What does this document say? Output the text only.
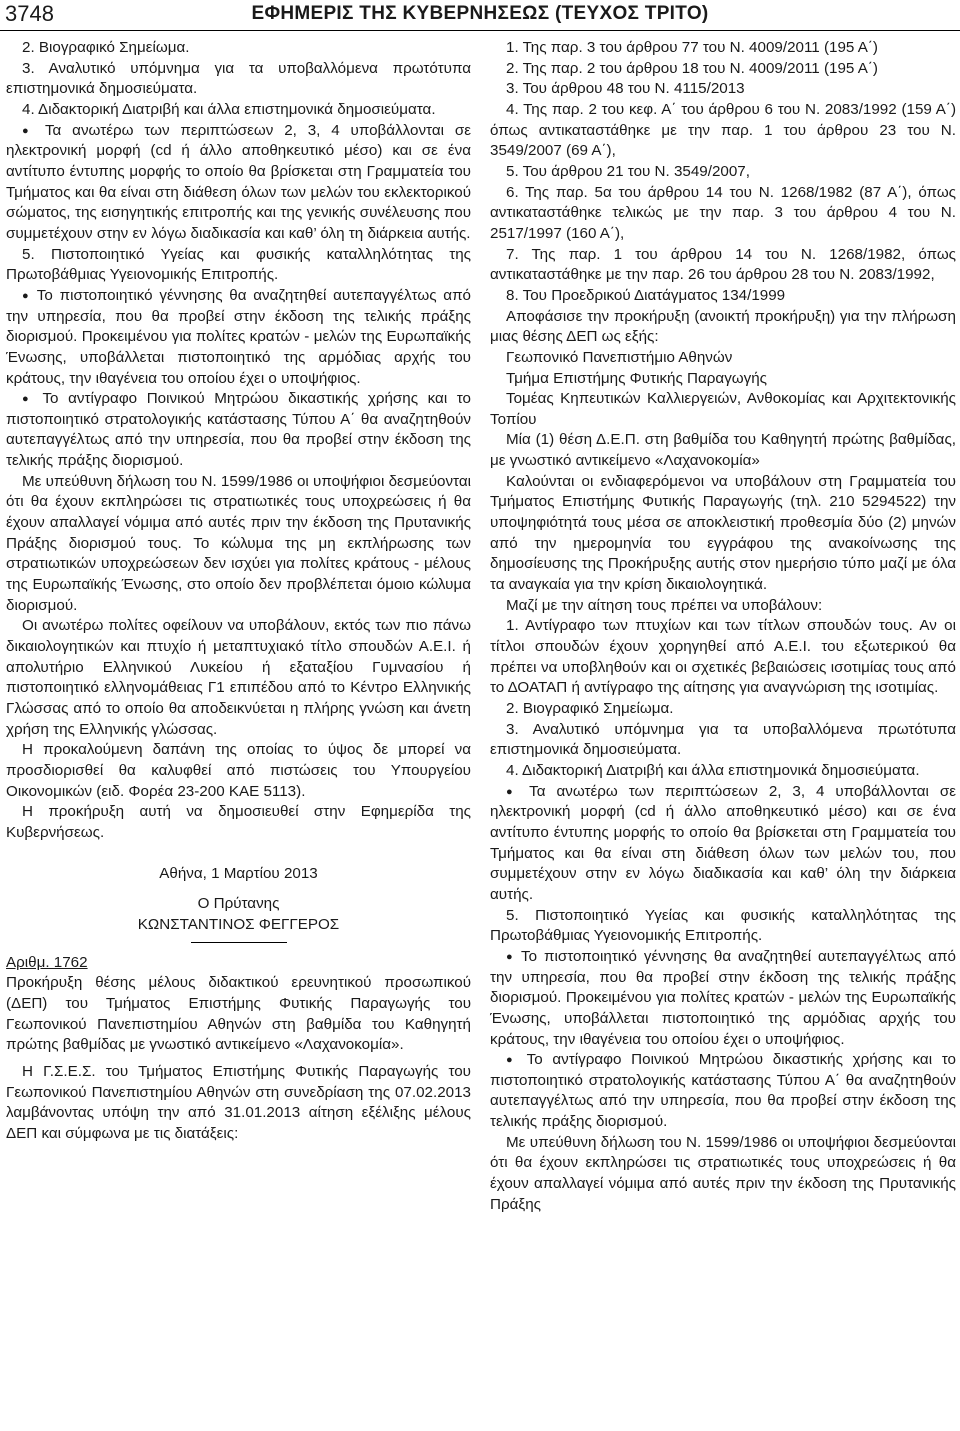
3748	ΕΦΗΜΕΡΙΣ ΤΗΣ ΚΥΒΕΡΝΗΣΕΩΣ (ΤΕΥΧΟΣ ΤΡΙΤΟ)

2. Βιογραφικό Σημείωμα.

3. Αναλυτικό υπόμνημα για τα υποβαλλόμενα πρωτότυπα επιστημονικά δημοσιεύματα.

4. Διδακτορική Διατριβή και άλλα επιστημονικά δημοσιεύματα.

● Τα ανωτέρω των περιπτώσεων 2, 3, 4 υποβάλλονται σε ηλεκτρονική μορφή (cd ή άλλο αποθηκευτικό μέσο) και σε ένα αντίτυπο έντυπης μορφής το οποίο θα βρίσκεται στη Γραμματεία του Τμήματος και θα είναι στη διάθεση όλων των μελών του εκλεκτορικού σώματος, της εισηγητικής επιτροπής και της γενικής συνέλευσης που συμμετέχουν στην εν λόγω διαδικασία και καθ’ όλη τη διάρκεια αυτής.

5. Πιστοποιητικό Υγείας και φυσικής καταλληλότητας της Πρωτοβάθμιας Υγειονομικής Επιτροπής.

● Το πιστοποιητικό γέννησης θα αναζητηθεί αυτεπαγγέλτως από την υπηρεσία, που θα προβεί στην έκδοση της τελικής πράξης διορισμού. Προκειμένου για πολίτες κρατών - μελών της Ευρωπαϊκής Ένωσης, υποβάλλεται πιστοποιητικό της αρμόδιας αρχής του κράτους, την ιθαγένεια του οποίου έχει ο υποψήφιος.

● Το αντίγραφο Ποινικού Μητρώου δικαστικής χρήσης και το πιστοποιητικό στρατολογικής κατάστασης Τύπου Α΄ θα αναζητηθούν αυτεπαγγέλτως από την υπηρεσία, που θα προβεί στην έκδοση της τελικής πράξης διορισμού.

Με υπεύθυνη δήλωση του Ν. 1599/1986 οι υποψήφιοι δεσμεύονται ότι θα έχουν εκπληρώσει τις στρατιωτικές τους υποχρεώσεις ή θα έχουν απαλλαγεί νόμιμα από αυτές πριν την έκδοση της Πρυτανικής Πράξης διορισμού τους. Το κώλυμα της μη εκπλήρωσης των στρατιωτικών υποχρεώσεων δεν ισχύει για πολίτες κράτους - μέλους της Ευρωπαϊκής Ένωσης, στο οποίο δεν προβλέπεται όμοιο κώλυμα διορισμού.

Οι ανωτέρω πολίτες οφείλουν να υποβάλουν, εκτός των πιο πάνω δικαιολογητικών και πτυχίο ή μεταπτυχιακό τίτλο σπουδών Α.Ε.Ι. ή απολυτήριο Ελληνικού Λυκείου ή εξαταξίου Γυμνασίου ή πιστοποιητικό ελληνομάθειας Γ1 επιπέδου από το Κέντρο Ελληνικής Γλώσσας από το οποίο θα αποδεικνύεται η πλήρης γνώση και άνετη χρήση της Ελληνικής γλώσσας.

Η προκαλούμενη δαπάνη της οποίας το ύψος δε μπορεί να προσδιορισθεί θα καλυφθεί από πιστώσεις του Υπουργείου Οικονομικών (ειδ. Φορέα 23-200 ΚΑΕ 5113).

Η προκήρυξη αυτή να δημοσιευθεί στην Εφημερίδα της Κυβερνήσεως.

Αθήνα, 1 Μαρτίου 2013

Ο Πρύτανης

ΚΩΝΣΤΑΝΤΙΝΟΣ ΦΕΓΓΕΡΟΣ

Αριθμ. 1762

Προκήρυξη θέσης μέλους διδακτικού ερευνητικού προσωπικού (ΔΕΠ) του Τμήματος Επιστήμης Φυτικής Παραγωγής του Γεωπονικού Πανεπιστημίου Αθηνών στη βαθμίδα του Καθηγητή πρώτης βαθμίδας με γνωστικό αντικείμενο «Λαχανοκομία».

Η Γ.Σ.Ε.Σ. του Τμήματος Επιστήμης Φυτικής Παραγωγής του Γεωπονικού Πανεπιστημίου Αθηνών στη συνεδρίαση της 07.02.2013 λαμβάνοντας υπόψη την από 31.01.2013 αίτηση εξέλιξης μέλους ΔΕΠ και σύμφωνα με τις διατάξεις:

1. Της παρ. 3 του άρθρου 77 του Ν. 4009/2011 (195 Α΄)

2. Της παρ. 2 του άρθρου 18 του Ν. 4009/2011 (195 Α΄)

3. Του άρθρου 48 του Ν. 4115/2013

4. Της παρ. 2 του κεφ. Α΄ του άρθρου 6 του Ν. 2083/1992 (159 Α΄) όπως αντικαταστάθηκε με την παρ. 1 του άρθρου 23 του Ν. 3549/2007 (69 Α΄),

5. Του άρθρου 21 του Ν. 3549/2007,

6. Της παρ. 5α του άρθρου 14 του Ν. 1268/1982 (87 Α΄), όπως αντικαταστάθηκε τελικώς με την παρ. 3 του άρθρου 4 του Ν. 2517/1997 (160 Α΄),

7. Της παρ. 1 του άρθρου 14 του Ν. 1268/1982, όπως αντικαταστάθηκε με την παρ. 26 του άρθρου 28 του Ν. 2083/1992,

8. Του Προεδρικού Διατάγματος 134/1999

Αποφάσισε την προκήρυξη (ανοικτή προκήρυξη) για την πλήρωση μιας θέσης ΔΕΠ ως εξής:

Γεωπονικό Πανεπιστήμιο Αθηνών

Τμήμα Επιστήμης Φυτικής Παραγωγής

Τομέας Κηπευτικών Καλλιεργειών, Ανθοκομίας και Αρχιτεκτονικής Τοπίου

Μία (1) θέση Δ.Ε.Π. στη βαθμίδα του Καθηγητή πρώτης βαθμίδας, με γνωστικό αντικείμενο «Λαχανοκομία»

Καλούνται οι ενδιαφερόμενοι να υποβάλουν στη Γραμματεία του Τμήματος Επιστήμης Φυτικής Παραγωγής (τηλ. 210 5294522) την υποψηφιότητά τους μέσα σε αποκλειστική προθεσμία δύο (2) μηνών από την ημερομηνία του εγγράφου της ανακοίνωσης της δημοσίευσης της Προκήρυξης αυτής στον ημερήσιο τύπο μαζί με όλα τα αναγκαία για την κρίση δικαιολογητικά.

Μαζί με την αίτηση τους πρέπει να υποβάλουν:

1. Αντίγραφο των πτυχίων και των τίτλων σπουδών τους. Αν οι τίτλοι σπουδών έχουν χορηγηθεί από Α.Ε.Ι. του εξωτερικού θα πρέπει να υποβληθούν και οι σχετικές βεβαιώσεις ισοτιμίας τους από το ΔΟΑΤΑΠ ή αντίγραφο της αίτησης για αναγνώριση της ισοτιμίας.

2. Βιογραφικό Σημείωμα.

3. Αναλυτικό υπόμνημα για τα υποβαλλόμενα πρωτότυπα επιστημονικά δημοσιεύματα.

4. Διδακτορική Διατριβή και άλλα επιστημονικά δημοσιεύματα.

● Τα ανωτέρω των περιπτώσεων 2, 3, 4 υποβάλλονται σε ηλεκτρονική μορφή (cd ή άλλο αποθηκευτικό μέσο) και σε ένα αντίτυπο έντυπης μορφής το οποίο θα βρίσκεται στη Γραμματεία του Τμήματος και θα είναι στη διάθεση όλων των μελών του, που συμμετέχουν στην εν λόγω διαδικασία και καθ’ όλη την διάρκεια αυτής.

5. Πιστοποιητικό Υγείας και φυσικής καταλληλότητας της Πρωτοβάθμιας Υγειονομικής Επιτροπής.

● Το πιστοποιητικό γέννησης θα αναζητηθεί αυτεπαγγέλτως από την υπηρεσία, που θα προβεί στην έκδοση της τελικής πράξης διορισμού. Προκειμένου για πολίτες κρατών - μελών της Ευρωπαϊκής Ένωσης, υποβάλλεται πιστοποιητικό της αρμόδιας αρχής του κράτους, την ιθαγένεια του οποίου έχει ο υποψήφιος.

● Το αντίγραφο Ποινικού Μητρώου δικαστικής χρήσης και το πιστοποιητικό στρατολογικής κατάστασης Τύπου Α΄ θα αναζητηθούν αυτεπαγγέλτως από την υπηρεσία, που θα προβεί στην έκδοση της τελικής πράξης διορισμού.

Με υπεύθυνη δήλωση του Ν. 1599/1986 οι υποψήφιοι δεσμεύονται ότι θα έχουν εκπληρώσει τις στρατιωτικές τους υποχρεώσεις ή θα έχουν απαλλαγεί νόμιμα από αυτές πριν την έκδοση της Πρυτανικής Πράξης
